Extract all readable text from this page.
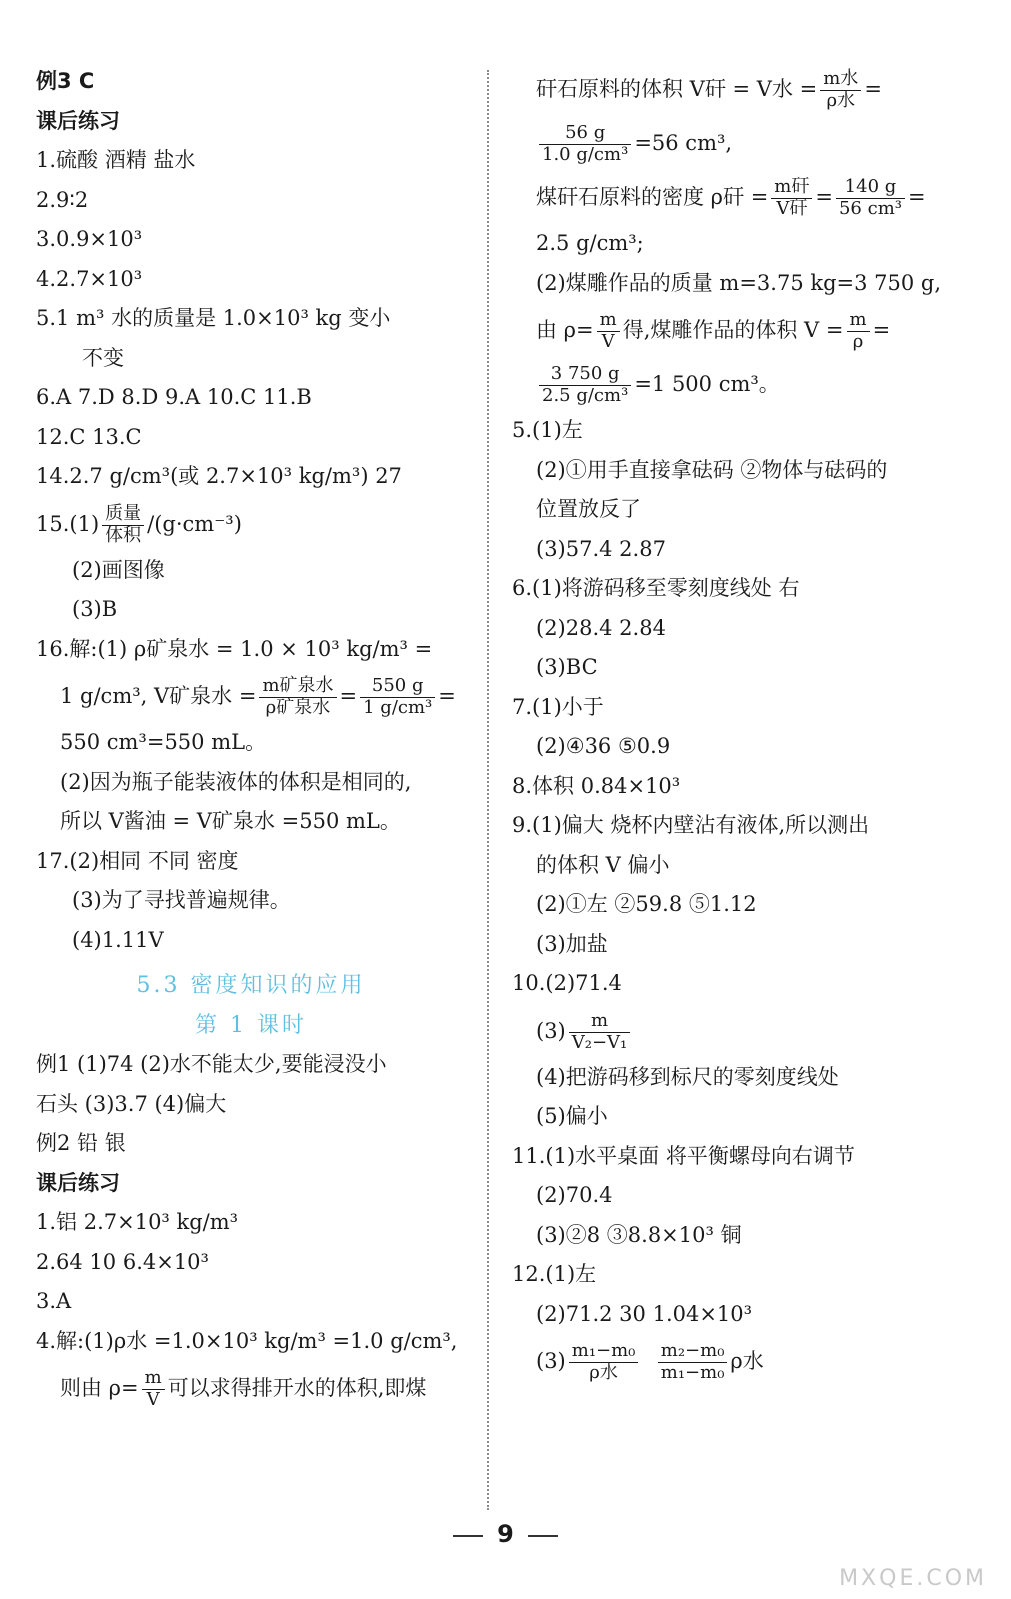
例3 C
课后练习
1.硫酸 酒精 盐水
2.9∶2
3.0.9×10³
4.2.7×10³
5.1 m³ 水的质量是 1.0×10³ kg 变小
不变
6.A 7.D 8.D 9.A 10.C 11.B
12.C 13.C
14.2.7 g/cm³(或 2.7×10³ kg/m³) 27
$15.(1) \frac{\text{质量}}{\text{体积}} /(g\cdot cm^{-3})$
(2)画图像
(3)B
16.解:(1) ρ矿泉水 = 1.0 × 10³ kg/m³ =
1 g/cm³, V矿泉水 = $\frac{\text{m矿泉水}}{\text{ρ矿泉水}} = \frac{550 g}{\text{1 g/cm³}}$ =
550 cm³=550 mL。
(2)因为瓶子能装液体的体积是相同的,
所以 V酱油 = V矿泉水 =550 mL。
17.(2)相同 不同 密度
(3)为了寻找普遍规律。
(4)1.11V
5.3 密度知识的应用
第 1 课时
例1 (1)74 (2)水不能太少,要能浸没小
石头 (3)3.7 (4)偏大
例2 铅 银
课后练习
1.铝 2.7×10³ kg/m³
2.64 10 6.4×10³
3.A
4.解:(1)ρ水 =1.0×10³ kg/m³ =1.0 g/cm³,
则由 $\rho= \frac{m}{V}$ 可以求得排开水的体积,即煤
矸石原料的体积 V矸 = V水 = $\frac{\text{m水}}{\text{ρ水}}$ =
$\frac{56 g}{\text{1.0 g/cm³}} =56$ cm³,
煤矸石原料的密度 ρ矸 = $\frac{\text{m矸}}{\text{V矸}} = \frac{140 g}{\text{56 cm³}}$ =
2.5 g/cm³;
(2)煤雕作品的质量 m=3.75 kg=3 750 g,
由 $\rho= \frac{m}{V}$ 得,煤雕作品的体积 $V = \frac{m}{\rho}$ =
$\frac{3 750 g}{\text{2.5 g/cm³}} =1$ 500 cm³。
5.(1)左
(2)①用手直接拿砝码 ②物体与砝码的
位置放反了
(3)57.4 2.87
6.(1)将游码移至零刻度线处 右
(2)28.4 2.84
(3)BC
7.(1)小于
(2)④36 ⑤0.9
8.体积 0.84×10³
9.(1)偏大 烧杯内壁沾有液体,所以测出
的体积 V 偏小
(2)①左 ②59.8 ⑤1.12
(3)加盐
10.(2)71.4
$(3) \frac{m}{\text{V₂−V₁}}$
(4)把游码移到标尺的零刻度线处
(5)偏小
11.(1)水平桌面 将平衡螺母向右调节
(2)70.4
(3)②8 ③8.8×10³ 铜
12.(1)左
(2)71.2 30 1.04×10³
$(3) \frac{\text{m₁−m₀}}{\text{ρ水}}$
$\frac{\text{m₂−m₀}}{\text{m₁−m₀}}$ ρ水
9
MXQE.COM
